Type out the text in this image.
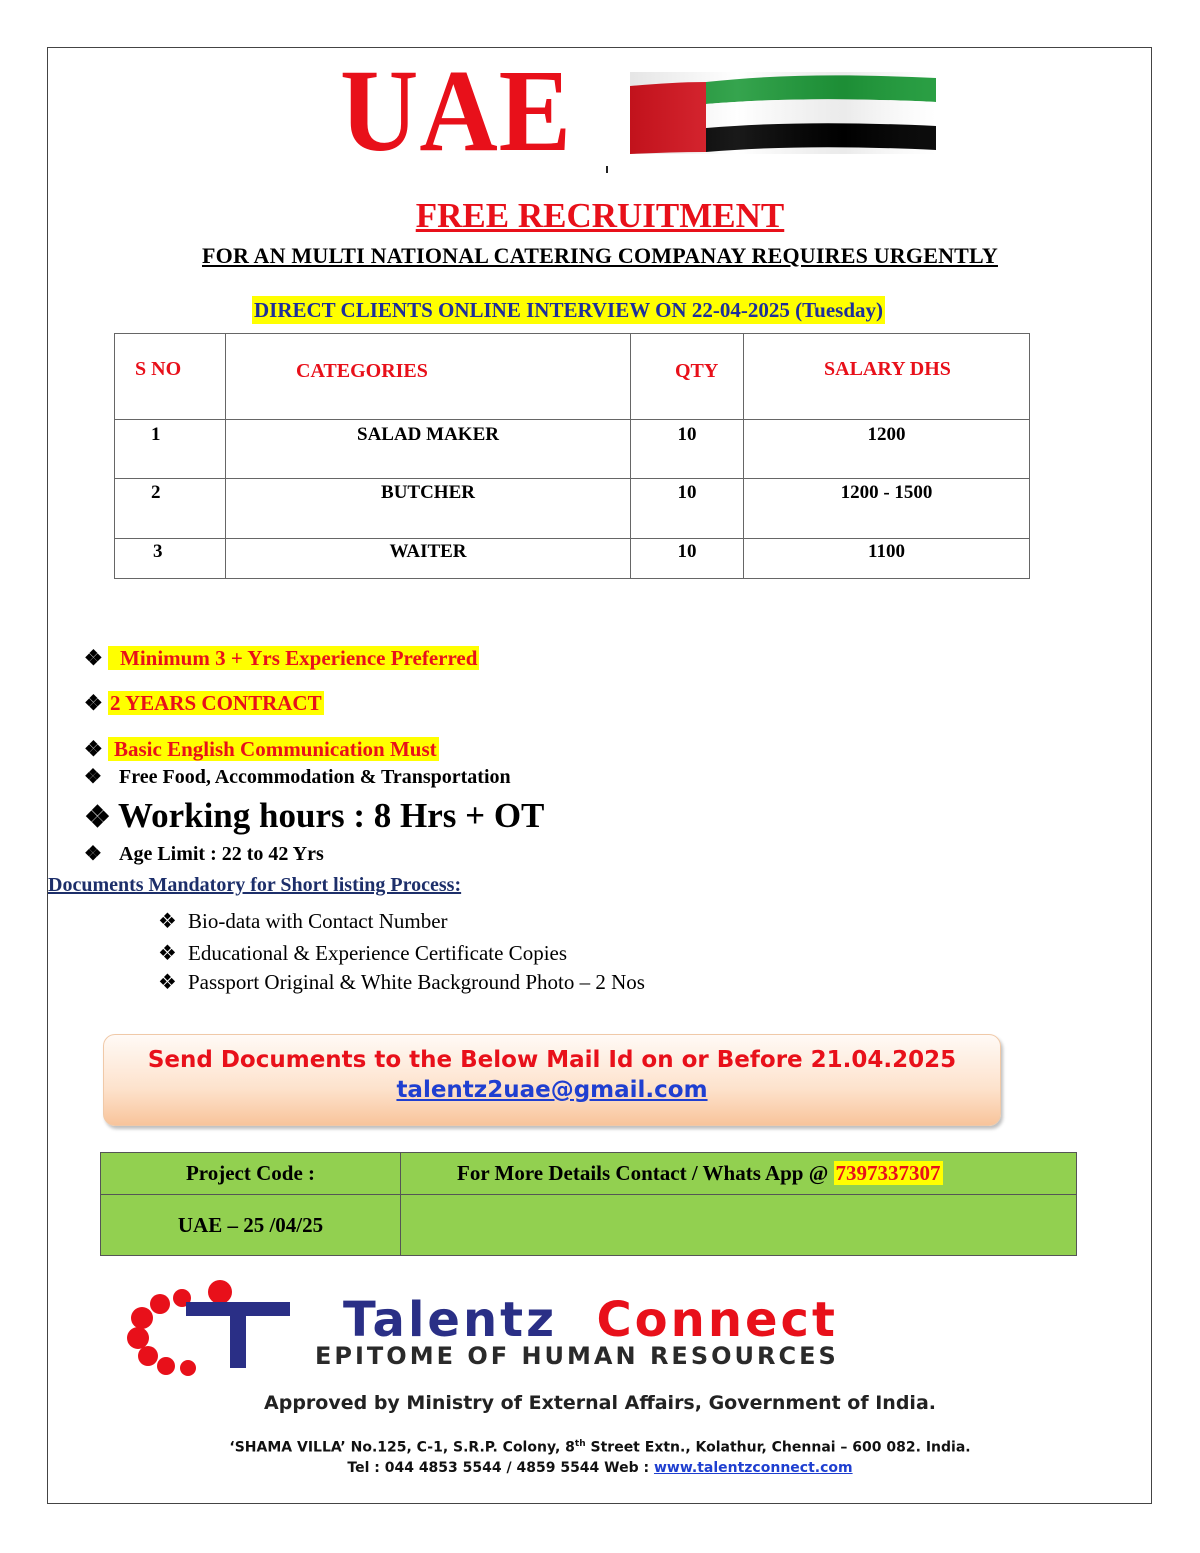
UAE
FREE RECRUITMENT
FOR AN MULTI NATIONAL CATERING COMPANAY REQUIRES URGENTLY
DIRECT CLIENTS ONLINE INTERVIEW ON 22-04-2025 (Tuesday)
S NO	CATEGORIES	QTY	SALARY DHS

1	SALAD MAKER	10	1200

2	BUTCHER	10	1200 - 1500

3	WAITER	10	1100
❖ Minimum 3 + Yrs Experience Preferred
❖ 2 YEARS CONTRACT
❖ Basic English Communication Must
❖ Free Food, Accommodation & Transportation
❖ Working hours : 8 Hrs + OT
❖ Age Limit : 22 to 42 Yrs
Documents Mandatory for Short listing Process:
❖ Bio-data with Contact Number
❖ Educational & Experience Certificate Copies
❖ Passport Original & White Background Photo – 2 Nos
Send Documents to the Below Mail Id on or Before 21.04.2025
talentz2uae@gmail.com
Project Code :	For More Details Contact / Whats App @ 7397337307
UAE – 25 /04/25	
Talentz Connect
EPITOME OF HUMAN RESOURCES
Approved by Ministry of External Affairs, Government of India.
‘SHAMA VILLA’ No.125, C-1, S.R.P. Colony, 8th Street Extn., Kolathur, Chennai – 600 082. India.
Tel : 044 4853 5544 / 4859 5544 Web : www.talentzconnect.com
